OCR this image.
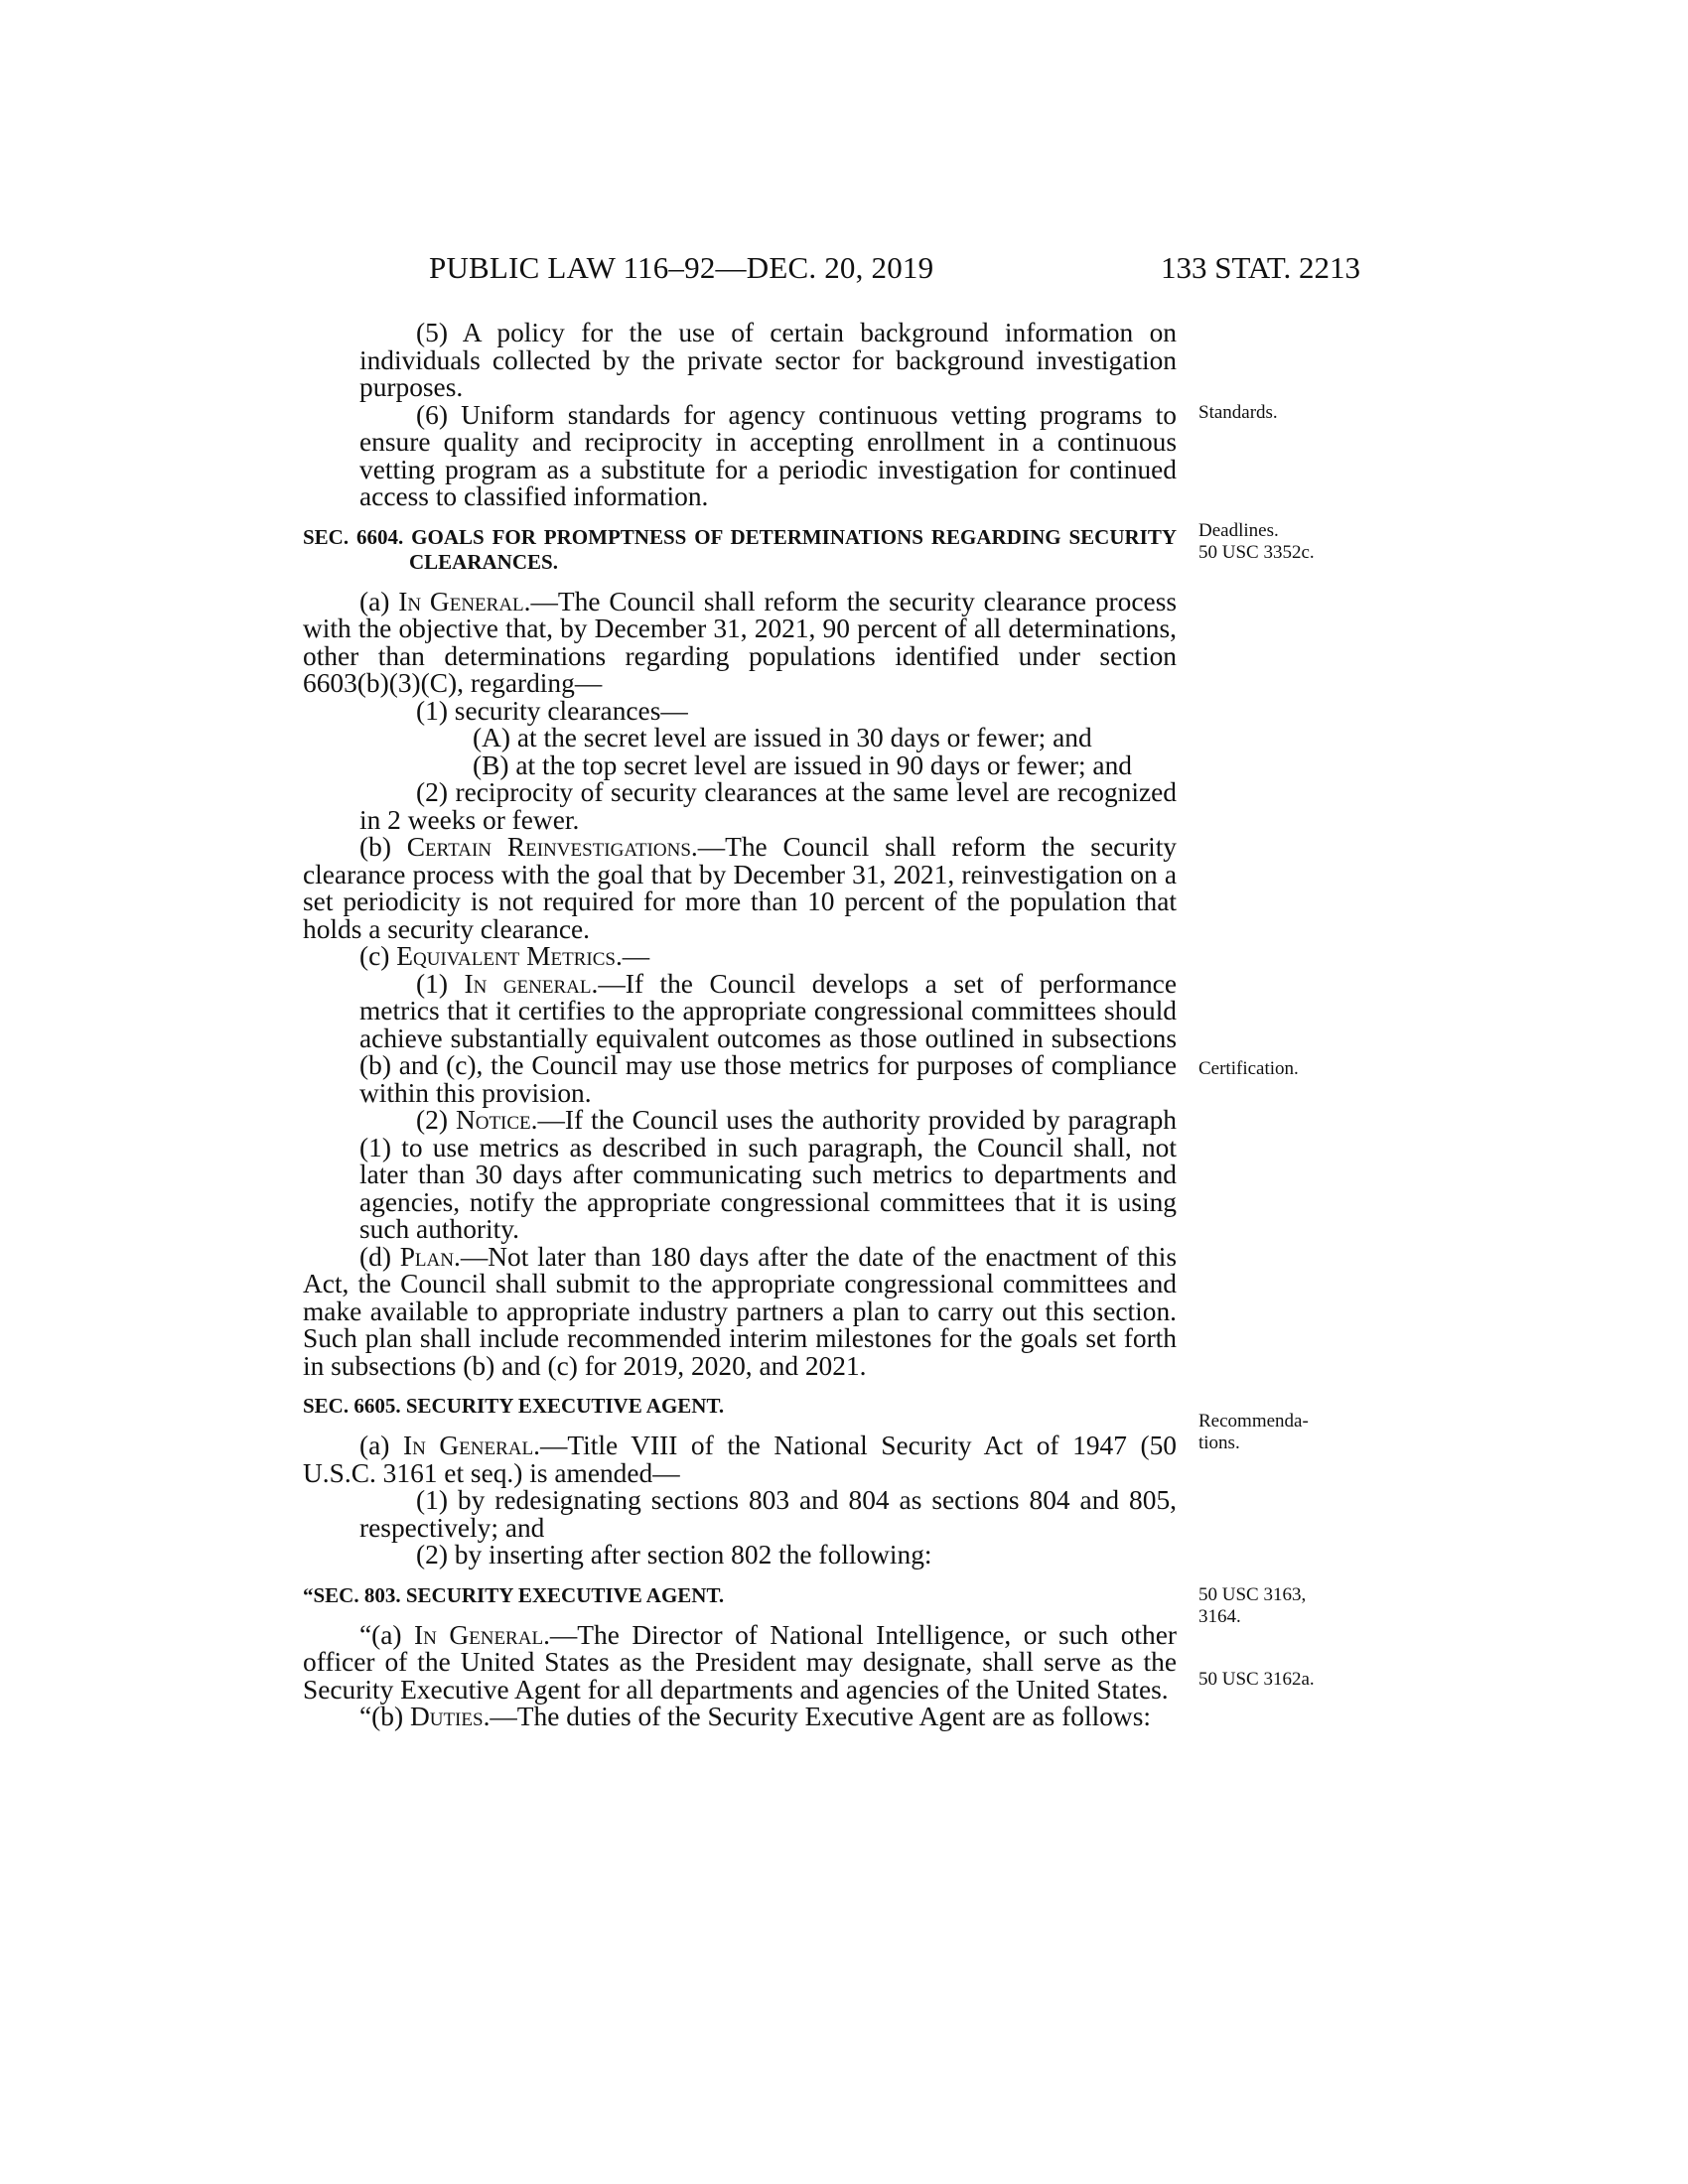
PUBLIC LAW 116–92—DEC. 20, 2019	133 STAT. 2213
Standards.
Deadlines.
50 USC 3352c.
Certification.
Recommenda-
tions.
50 USC 3163,
3164.
50 USC 3162a.

(5) A policy for the use of certain background information on individuals collected by the private sector for background investigation purposes.

(6) Uniform standards for agency continuous vetting programs to ensure quality and reciprocity in accepting enrollment in a continuous vetting program as a substitute for a periodic investigation for continued access to classified information.

SEC. 6604. GOALS FOR PROMPTNESS OF DETERMINATIONS REGARDING SECURITY CLEARANCES.

(a) In General.—The Council shall reform the security clearance process with the objective that, by December 31, 2021, 90 percent of all determinations, other than determinations regarding populations identified under section 6603(b)(3)(C), regarding—

(1) security clearances—

(A) at the secret level are issued in 30 days or fewer; and

(B) at the top secret level are issued in 90 days or fewer; and

(2) reciprocity of security clearances at the same level are recognized in 2 weeks or fewer.

(b) Certain Reinvestigations.—The Council shall reform the security clearance process with the goal that by December 31, 2021, reinvestigation on a set periodicity is not required for more than 10 percent of the population that holds a security clearance.

(c) Equivalent Metrics.—

(1) In general.—If the Council develops a set of performance metrics that it certifies to the appropriate congressional committees should achieve substantially equivalent outcomes as those outlined in subsections (b) and (c), the Council may use those metrics for purposes of compliance within this provision.

(2) Notice.—If the Council uses the authority provided by paragraph (1) to use metrics as described in such paragraph, the Council shall, not later than 30 days after communicating such metrics to departments and agencies, notify the appropriate congressional committees that it is using such authority.

(d) Plan.—Not later than 180 days after the date of the enactment of this Act, the Council shall submit to the appropriate congressional committees and make available to appropriate industry partners a plan to carry out this section. Such plan shall include recommended interim milestones for the goals set forth in subsections (b) and (c) for 2019, 2020, and 2021.

SEC. 6605. SECURITY EXECUTIVE AGENT.

(a) In General.—Title VIII of the National Security Act of 1947 (50 U.S.C. 3161 et seq.) is amended—

(1) by redesignating sections 803 and 804 as sections 804 and 805, respectively; and

(2) by inserting after section 802 the following:

“SEC. 803. SECURITY EXECUTIVE AGENT.

“(a) In General.—The Director of National Intelligence, or such other officer of the United States as the President may designate, shall serve as the Security Executive Agent for all departments and agencies of the United States.

“(b) Duties.—The duties of the Security Executive Agent are as follows:
